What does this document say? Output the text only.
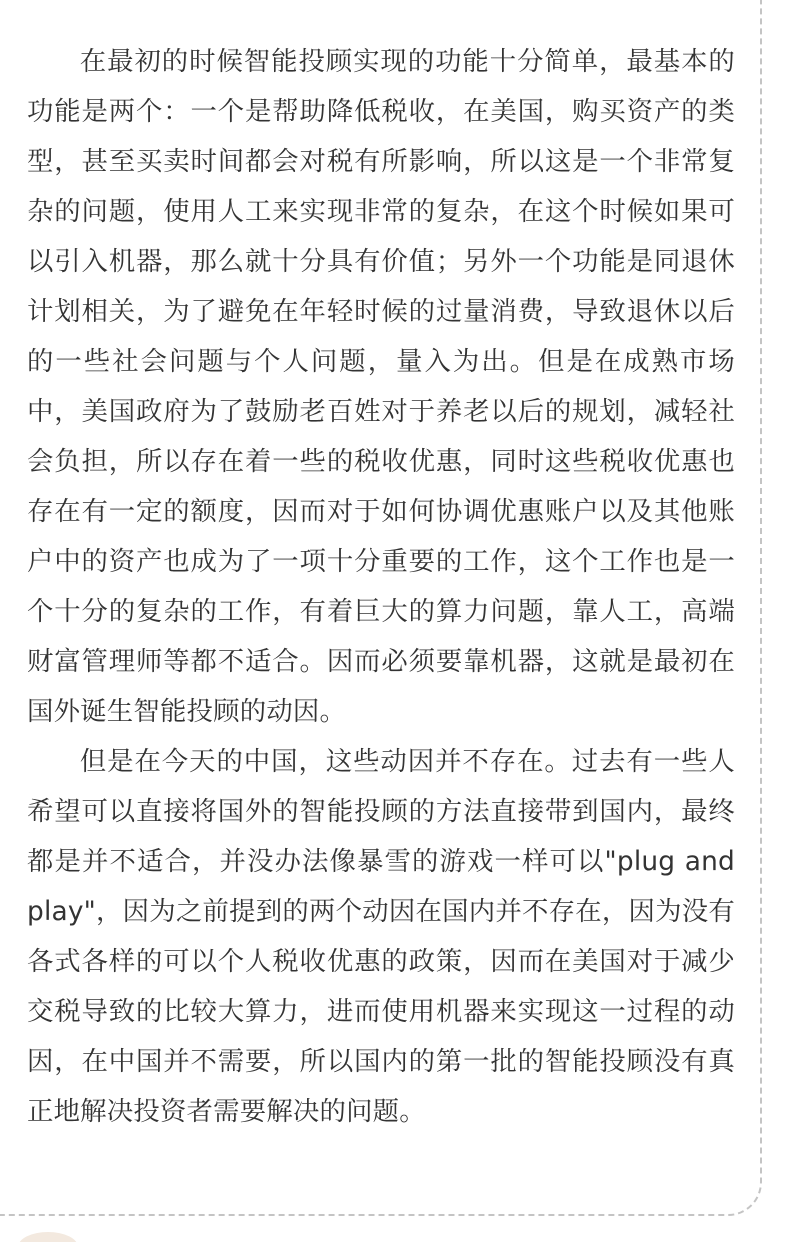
在最初的时候智能投顾实现的功能十分简单，最基本的功能是两个：一个是帮助降低税收，在美国，购买资产的类型，甚至买卖时间都会对税有所影响，所以这是一个非常复杂的问题，使用人工来实现非常的复杂，在这个时候如果可以引入机器，那么就十分具有价值；另外一个功能是同退休计划相关，为了避免在年轻时候的过量消费，导致退休以后的一些社会问题与个人问题，量入为出。但是在成熟市场中，美国政府为了鼓励老百姓对于养老以后的规划，减轻社会负担，所以存在着一些的税收优惠，同时这些税收优惠也存在有一定的额度，因而对于如何协调优惠账户以及其他账户中的资产也成为了一项十分重要的工作，这个工作也是一个十分的复杂的工作，有着巨大的算力问题，靠人工，高端财富管理师等都不适合。因而必须要靠机器，这就是最初在国外诞生智能投顾的动因。

但是在今天的中国，这些动因并不存在。过去有一些人希望可以直接将国外的智能投顾的方法直接带到国内，最终都是并不适合，并没办法像暴雪的游戏一样可以"plug and play"，因为之前提到的两个动因在国内并不存在，因为没有各式各样的可以个人税收优惠的政策，因而在美国对于减少交税导致的比较大算力，进而使用机器来实现这一过程的动因，在中国并不需要，所以国内的第一批的智能投顾没有真正地解决投资者需要解决的问题。
